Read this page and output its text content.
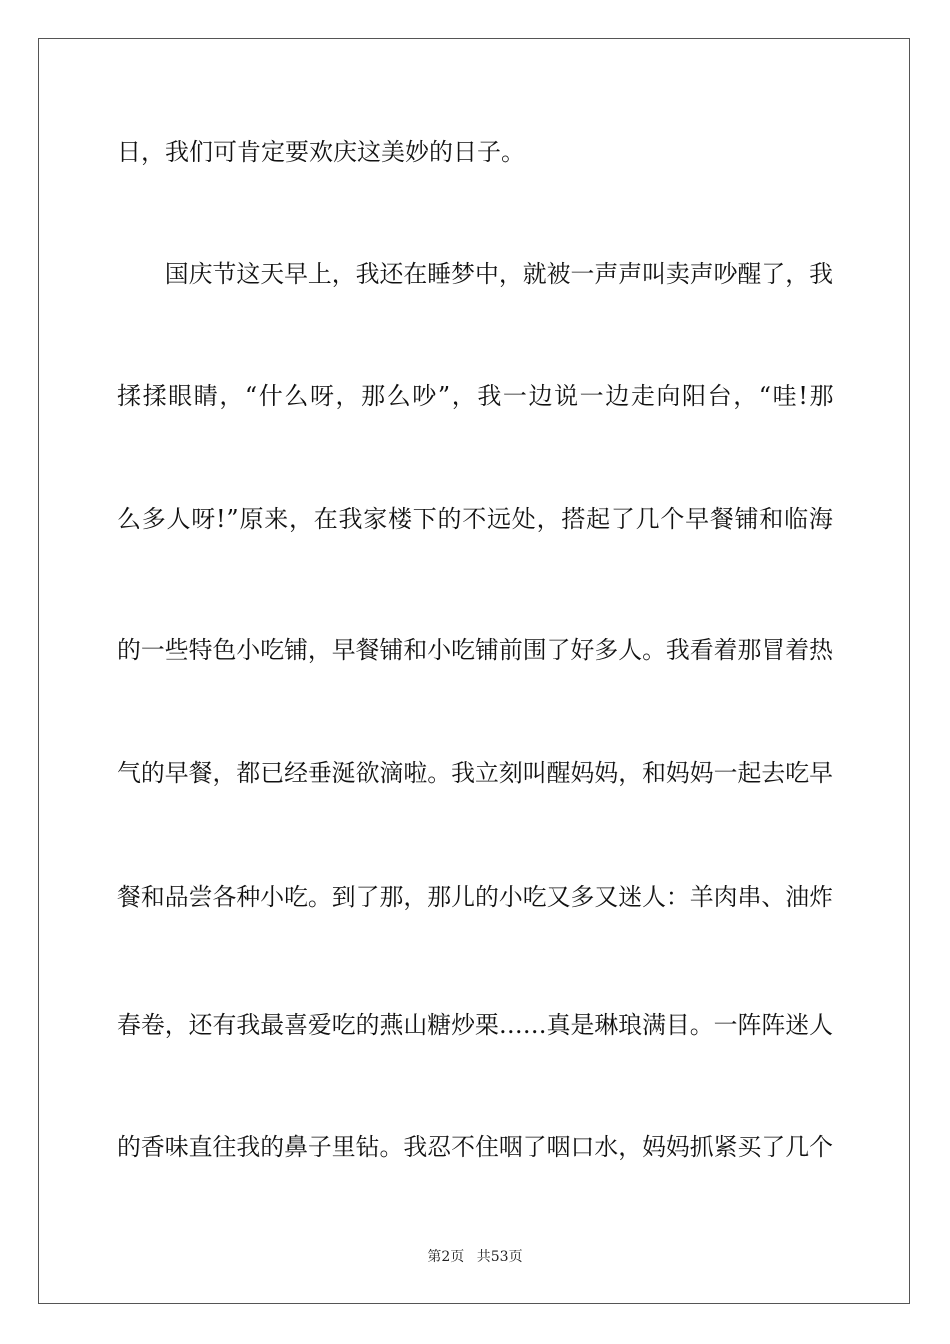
日，我们可肯定要欢庆这美妙的日子。
　　国庆节这天早上，我还在睡梦中，就被一声声叫卖声吵醒了，我
揉揉眼睛，“什么呀，那么吵”，我一边说一边走向阳台，“哇!那
么多人呀!”原来，在我家楼下的不远处，搭起了几个早餐铺和临海
的一些特色小吃铺，早餐铺和小吃铺前围了好多人。我看着那冒着热
气的早餐，都已经垂涎欲滴啦。我立刻叫醒妈妈，和妈妈一起去吃早
餐和品尝各种小吃。到了那，那儿的小吃又多又迷人：羊肉串、油炸
春卷，还有我最喜爱吃的燕山糖炒栗……真是琳琅满目。一阵阵迷人
的香味直往我的鼻子里钻。我忍不住咽了咽口水，妈妈抓紧买了几个
第2页 共53页
